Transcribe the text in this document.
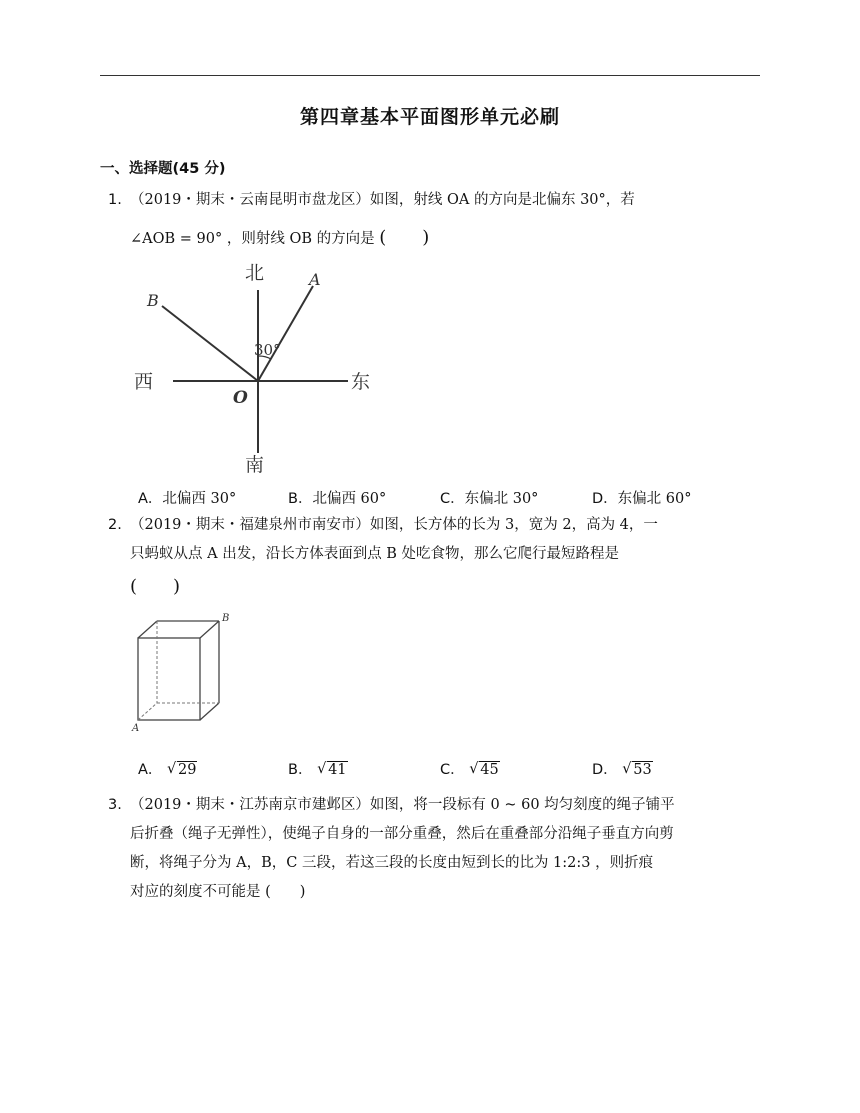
第四章基本平面图形单元必刷
一、选择题(45 分)
1. （2019・期末・云南昆明市盘龙区）如图，射线 OA 的方向是北偏东 30°，若
∠AOB = 90° ，则射线 OB 的方向是 (　　)
北
南
东
西
O
A
B
30°
A．北偏西 30°	B．北偏西 60°	C．东偏北 30°	D．东偏北 60°
2. （2019・期末・福建泉州市南安市）如图，长方体的长为 3，宽为 2，高为 4，一
只蚂蚁从点 A 出发，沿长方体表面到点 B 处吃食物，那么它爬行最短路程是
(　　)
B
A
A． √ 29	B． √ 41	C． √ 45	D． √ 53
3. （2019・期末・江苏南京市建邺区）如图，将一段标有 0 ~ 60 均匀刻度的绳子铺平
后折叠（绳子无弹性），使绳子自身的一部分重叠，然后在重叠部分沿绳子垂直方向剪
断，将绳子分为 A，B，C 三段，若这三段的长度由短到长的比为 1:2:3 ，则折痕
对应的刻度不可能是 (　　)
